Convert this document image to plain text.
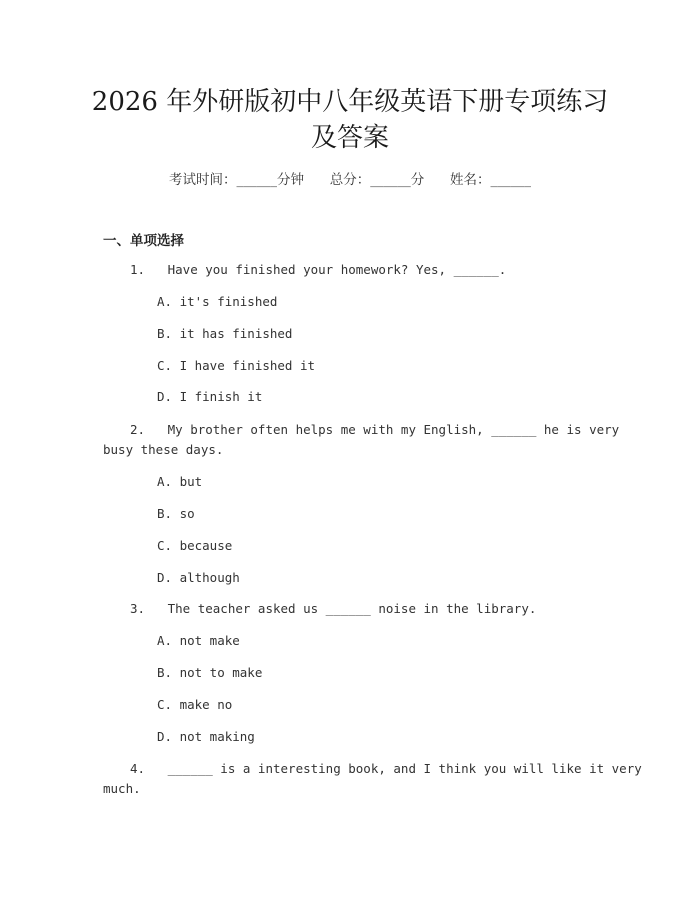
2026 年外研版初中八年级英语下册专项练习
及答案
考试时间：______分钟      总分：______分      姓名：______
一、单项选择
1.   Have you finished your homework? Yes, ______.
A. it's finished
B. it has finished
C. I have finished it
D. I finish it
2.   My brother often helps me with my English, ______ he is very
busy these days.
A. but
B. so
C. because
D. although
3.   The teacher asked us ______ noise in the library.
A. not make
B. not to make
C. make no
D. not making
4.   ______ is a interesting book, and I think you will like it very
much.
